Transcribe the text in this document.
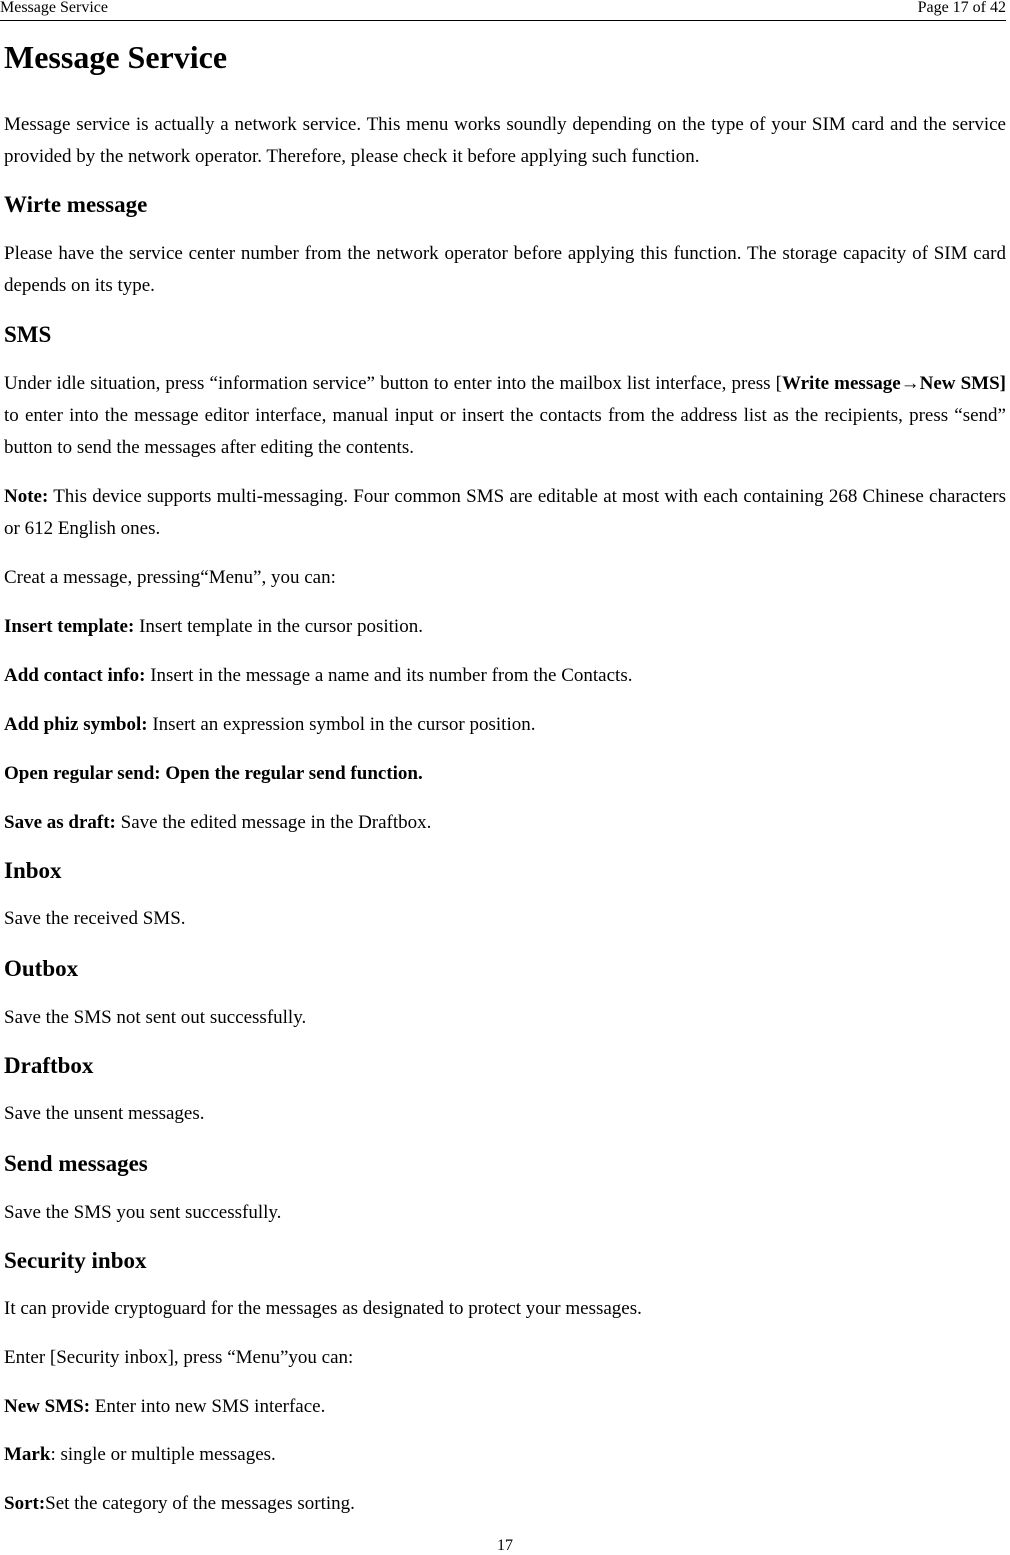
Message Service	Page 17 of 42
Message Service
Message service is actually a network service. This menu works soundly depending on the type of your SIM card and the service provided by the network operator. Therefore, please check it before applying such function.
Wirte message
Please have the service center number from the network operator before applying this function. The storage capacity of SIM card depends on its type.
SMS
Under idle situation, press “information service” button to enter into the mailbox list interface, press [Write message→New SMS] to enter into the message editor interface, manual input or insert the contacts from the address list as the recipients, press “send” button to send the messages after editing the contents.
Note: This device supports multi-messaging. Four common SMS are editable at most with each containing 268 Chinese characters or 612 English ones.
Creat a message, pressing“Menu”, you can:
Insert template: Insert template in the cursor position.
Add contact info: Insert in the message a name and its number from the Contacts.
Add phiz symbol: Insert an expression symbol in the cursor position.
Open regular send: Open the regular send function.
Save as draft: Save the edited message in the Draftbox.
Inbox
Save the received SMS.
Outbox
Save the SMS not sent out successfully.
Draftbox
Save the unsent messages.
Send messages
Save the SMS you sent successfully.
Security inbox
It can provide cryptoguard for the messages as designated to protect your messages.
Enter [Security inbox], press “Menu”you can:
New SMS: Enter into new SMS interface.
Mark: single or multiple messages.
Sort:Set the category of the messages sorting.
17
